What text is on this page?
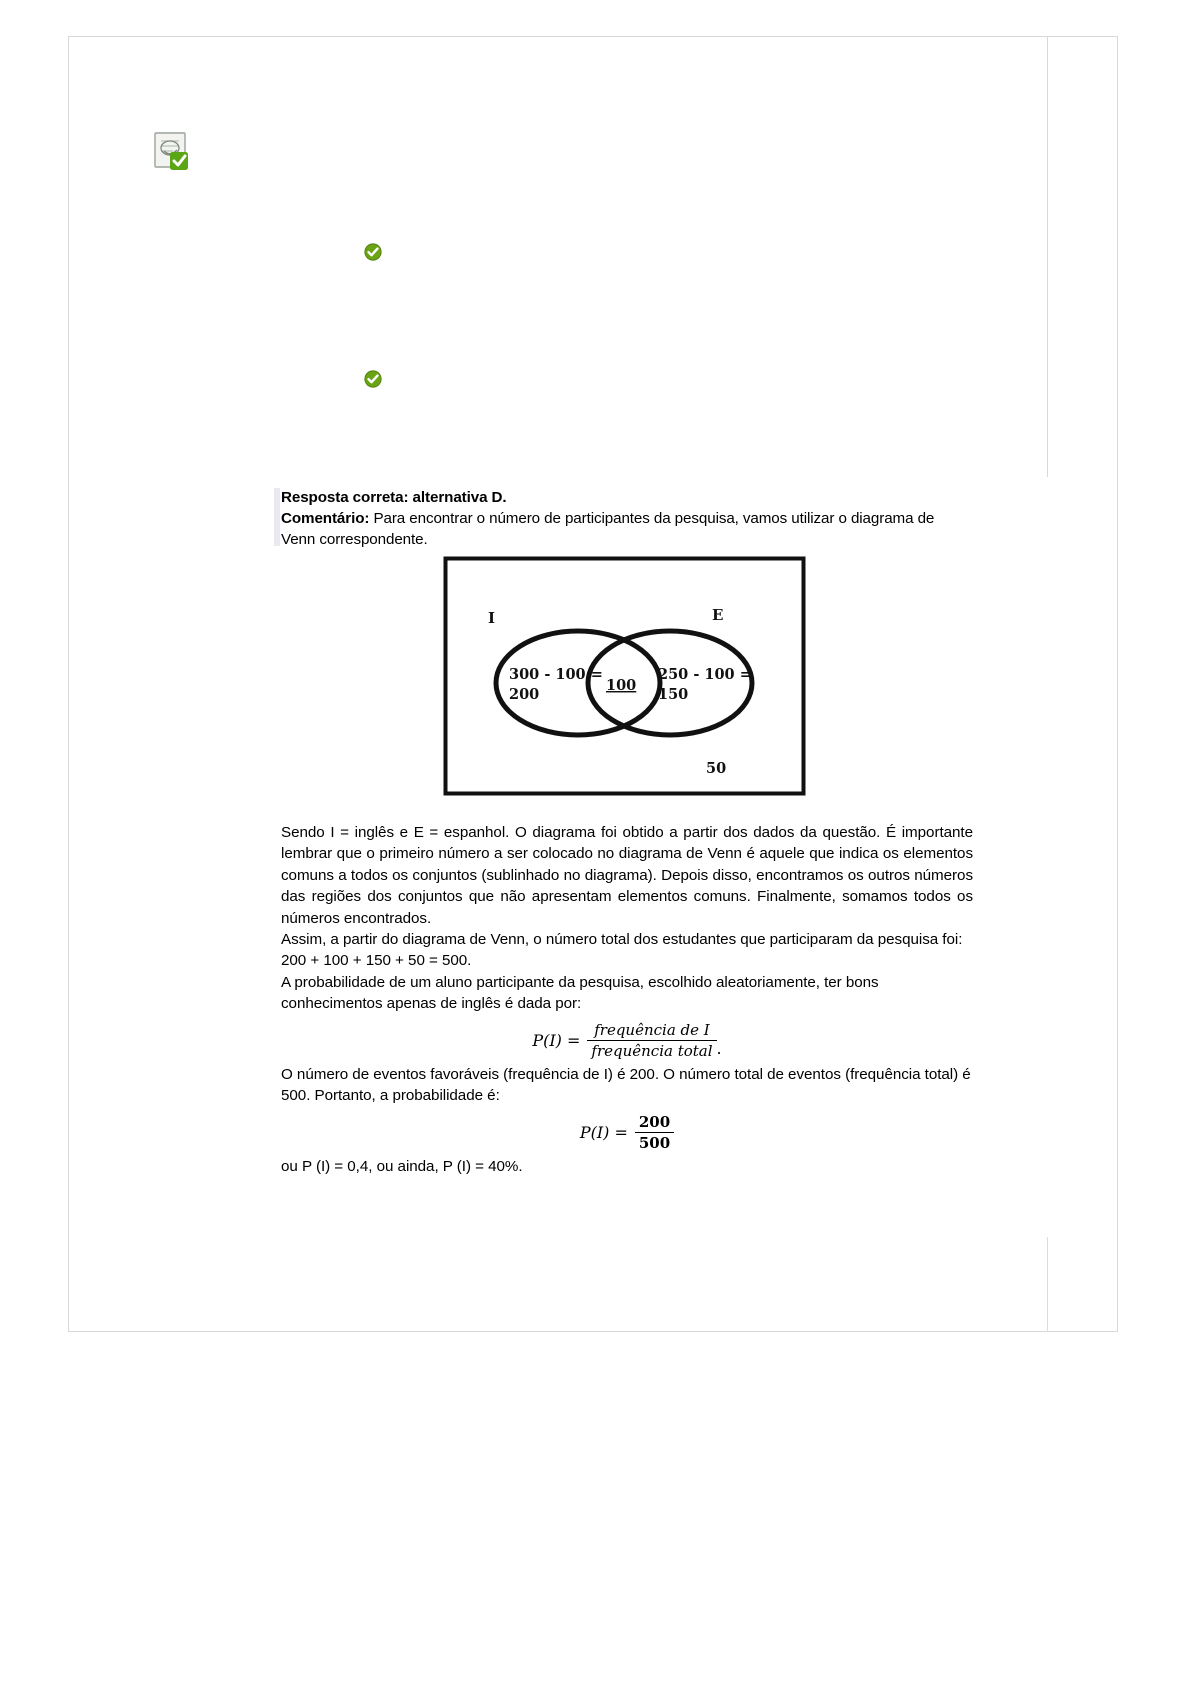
Resposta correta: alternativa D.
Comentário: Para encontrar o número de participantes da pesquisa, vamos utilizar o diagrama de Venn correspondente.
I	E
300 - 100 =
200
100
250 - 100 =
150
50

Sendo I = inglês e E = espanhol. O diagrama foi obtido a partir dos dados da questão. É importante lembrar que o primeiro número a ser colocado no diagrama de Venn é aquele que indica os elementos comuns a todos os conjuntos (sublinhado no diagrama). Depois disso, encontramos os outros números das regiões dos conjuntos que não apresentam elementos comuns. Finalmente, somamos todos os números encontrados.

Assim, a partir do diagrama de Venn, o número total dos estudantes que participaram da pesquisa foi:

200 + 100 + 150 + 50 = 500.

A probabilidade de um aluno participante da pesquisa, escolhido aleatoriamente, ter bons conhecimentos apenas de inglês é dada por:

$P(I) = \frac{\text{frequência de I}}{\text{frequência total}}$ .

O número de eventos favoráveis (frequência de I) é 200. O número total de eventos (frequência total) é 500. Portanto, a probabilidade é:

$P(I) = \frac{200}{500}$

ou P (I) = 0,4, ou ainda, P (I) = 40%.
